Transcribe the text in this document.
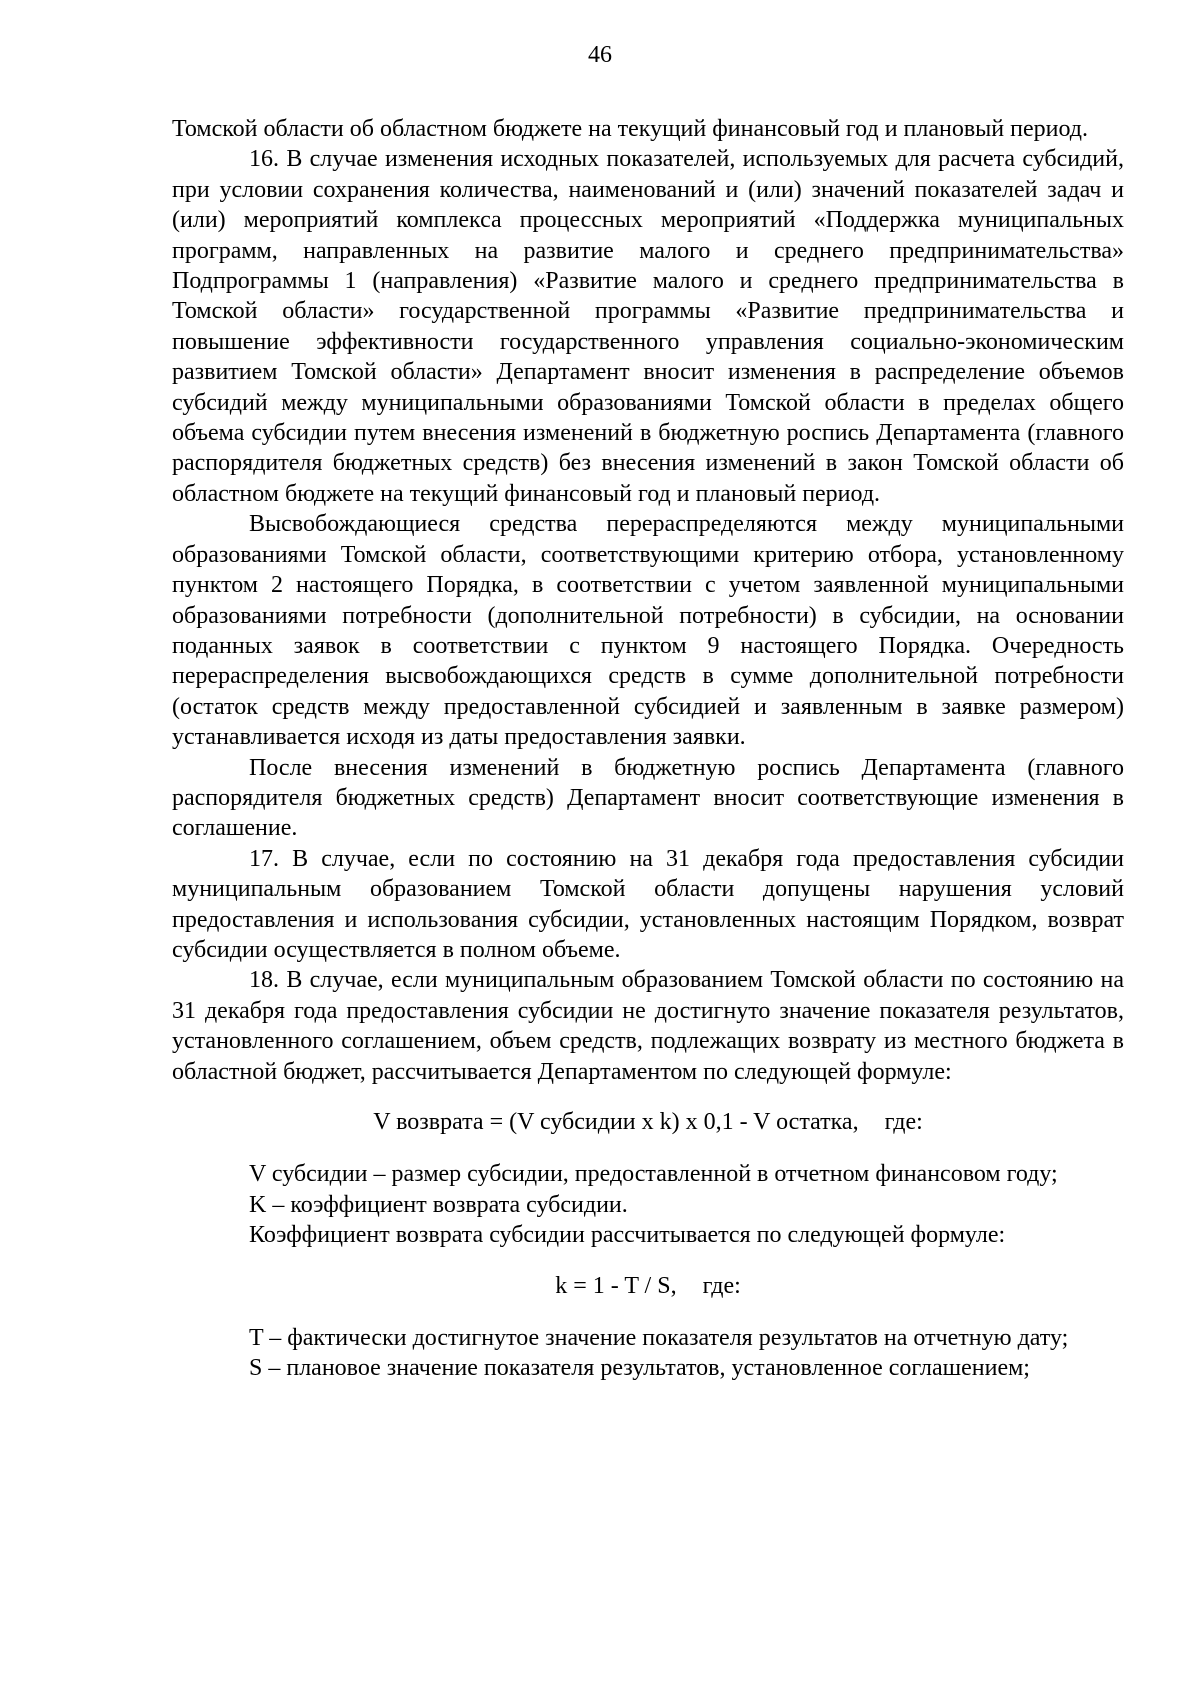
46

Томской области об областном бюджете на текущий финансовый год и плановый период.

16. В случае изменения исходных показателей, используемых для расчета субсидий, при условии сохранения количества, наименований и (или) значений показателей задач и (или) мероприятий комплекса процессных мероприятий «Поддержка муниципальных программ, направленных на развитие малого и среднего предпринимательства» Подпрограммы 1 (направления) «Развитие малого и среднего предпринимательства в Томской области» государственной программы «Развитие предпринимательства и повышение эффективности государственного управления социально-экономическим развитием Томской области» Департамент вносит изменения в распределение объемов субсидий между муниципальными образованиями Томской области в пределах общего объема субсидии путем внесения изменений в бюджетную роспись Департамента (главного распорядителя бюджетных средств) без внесения изменений в закон Томской области об областном бюджете на текущий финансовый год и плановый период.

Высвобождающиеся средства перераспределяются между муниципальными образованиями Томской области, соответствующими критерию отбора, установленному пунктом 2 настоящего Порядка, в соответствии с учетом заявленной муниципальными образованиями потребности (дополнительной потребности) в субсидии, на основании поданных заявок в соответствии с пунктом 9 настоящего Порядка. Очередность перераспределения высвобождающихся средств в сумме дополнительной потребности (остаток средств между предоставленной субсидией и заявленным в заявке размером) устанавливается исходя из даты предоставления заявки.

После внесения изменений в бюджетную роспись Департамента (главного распорядителя бюджетных средств) Департамент вносит соответствующие изменения в соглашение.

17. В случае, если по состоянию на 31 декабря года предоставления субсидии муниципальным образованием Томской области допущены нарушения условий предоставления и использования субсидии, установленных настоящим Порядком, возврат субсидии осуществляется в полном объеме.

18. В случае, если муниципальным образованием Томской области по состоянию на 31 декабря года предоставления субсидии не достигнуто значение показателя результатов, установленного соглашением, объем средств, подлежащих возврату из местного бюджета в областной бюджет, рассчитывается Департаментом по следующей формуле:

V возврата = (V субсидии x k) x 0,1 - V остатка, где:

V субсидии – размер субсидии, предоставленной в отчетном финансовом году;

K – коэффициент возврата субсидии.

Коэффициент возврата субсидии рассчитывается по следующей формуле:

k = 1 - T / S, где:

T – фактически достигнутое значение показателя результатов на отчетную дату;

S – плановое значение показателя результатов, установленное соглашением;
